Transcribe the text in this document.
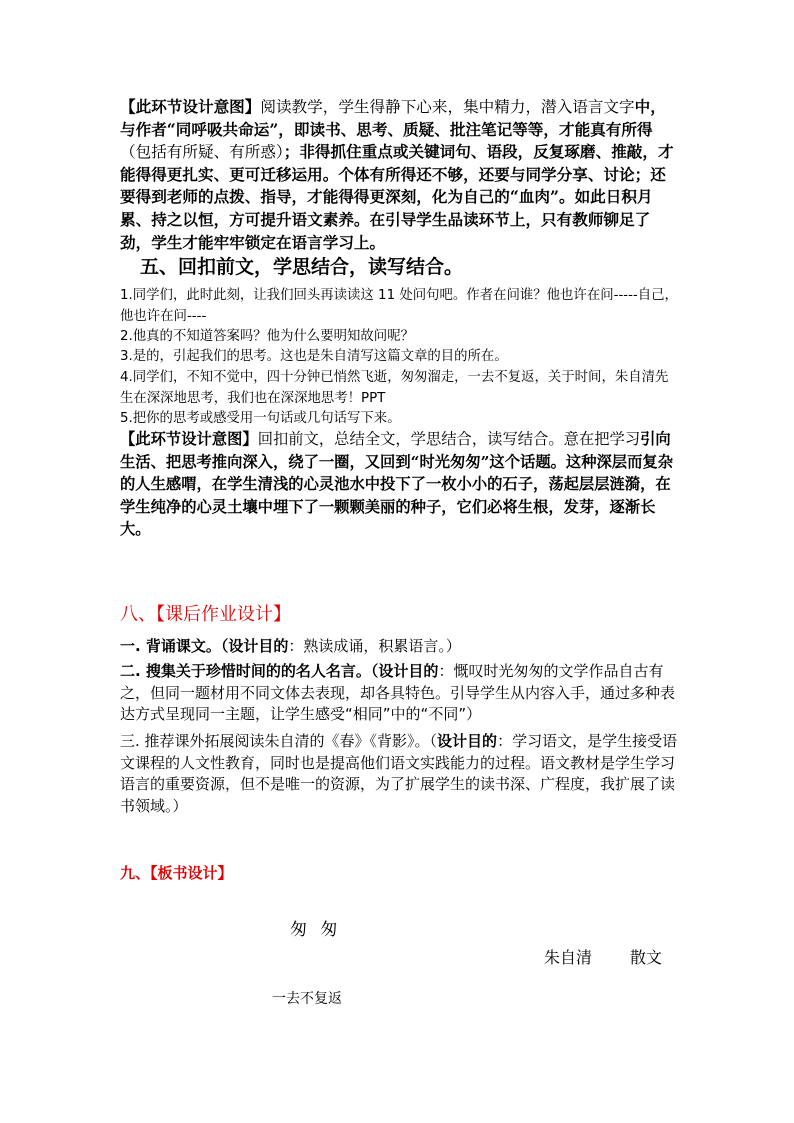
【此环节设计意图】阅读教学，学生得静下心来，集中精力，潜入语言文字中，与作者“同呼吸共命运”，即读书、思考、质疑、批注笔记等等，才能真有所得（包括有所疑、有所惑）；非得抓住重点或关键词句、语段，反复琢磨、推敲，才能得得更扎实、更可迁移运用。个体有所得还不够，还要与同学分享、讨论；还要得到老师的点拨、指导，才能得得更深刻，化为自己的“血肉”。如此日积月累、持之以恒，方可提升语文素养。在引导学生品读环节上，只有教师铆足了劲，学生才能牢牢锁定在语言学习上。

五、回扣前文，学思结合，读写结合。

1.同学们，此时此刻，让我们回头再读读这 11 处问句吧。作者在问谁？他也许在问-----自己，他也许在问----

2.他真的不知道答案吗？他为什么要明知故问呢？

3.是的，引起我们的思考。这也是朱自清写这篇文章的目的所在。

4.同学们，不知不觉中，四十分钟已悄然飞逝，匆匆溜走，一去不复返，关于时间，朱自清先生在深深地思考，我们也在深深地思考！PPT

5.把你的思考或感受用一句话或几句话写下来。

【此环节设计意图】回扣前文，总结全文，学思结合，读写结合。意在把学习引向生活、把思考推向深入，绕了一圈，又回到“时光匆匆”这个话题。这种深层而复杂的人生感喟，在学生清浅的心灵池水中投下了一枚小小的石子，荡起层层涟漪，在学生纯净的心灵土壤中埋下了一颗颗美丽的种子，它们必将生根，发芽，逐渐长大。

八、【课后作业设计】

一. 背诵课文。（设计目的：熟读成诵，积累语言。）

二. 搜集关于珍惜时间的的名人名言。（设计目的：慨叹时光匆匆的文学作品自古有之，但同一题材用不同文体去表现，却各具特色。引导学生从内容入手，通过多种表达方式呈现同一主题，让学生感受“相同”中的“不同”）

三. 推荐课外拓展阅读朱自清的《春》《背影》。（设计目的：学习语文，是学生接受语文课程的人文性教育，同时也是提高他们语文实践能力的过程。语文教材是学生学习语言的重要资源，但不是唯一的资源，为了扩展学生的读书深、广程度，我扩展了读书领域。）

九、【板书设计】

匆 匆
朱自清 散文
一去不复返
